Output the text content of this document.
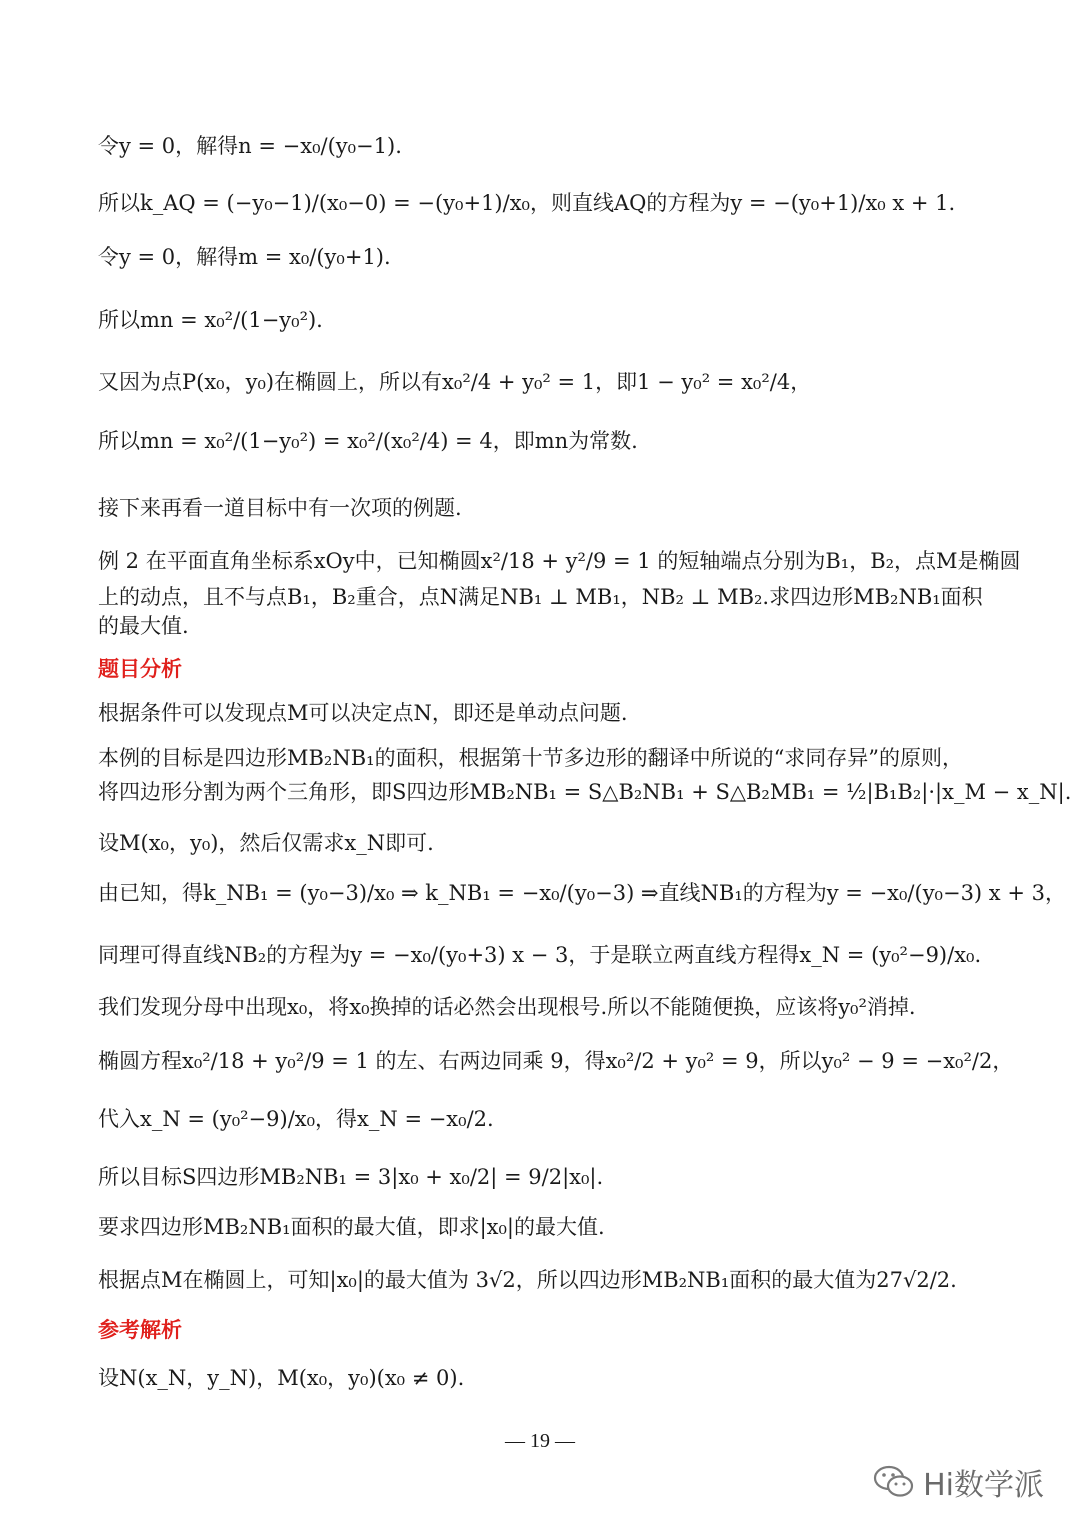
令y = 0，解得n = −x₀/(y₀−1).
所以k_AQ = (−y₀−1)/(x₀−0) = −(y₀+1)/x₀，则直线AQ的方程为y = −(y₀+1)/x₀ x + 1.
令y = 0，解得m = x₀/(y₀+1).
所以mn = x₀²/(1−y₀²).
又因为点P(x₀，y₀)在椭圆上，所以有x₀²/4 + y₀² = 1，即1 − y₀² = x₀²/4，
所以mn = x₀²/(1−y₀²) = x₀²/(x₀²/4) = 4，即mn为常数.
接下来再看一道目标中有一次项的例题.
例 2 在平面直角坐标系xOy中，已知椭圆x²/18 + y²/9 = 1 的短轴端点分别为B₁，B₂，点M是椭圆
上的动点，且不与点B₁，B₂重合，点N满足NB₁ ⊥ MB₁，NB₂ ⊥ MB₂.求四边形MB₂NB₁面积
的最大值.
题目分析
根据条件可以发现点M可以决定点N，即还是单动点问题.
本例的目标是四边形MB₂NB₁的面积，根据第十节多边形的翻译中所说的“求同存异”的原则，
将四边形分割为两个三角形，即S四边形MB₂NB₁ = S△B₂NB₁ + S△B₂MB₁ = ½|B₁B₂|·|x_M − x_N|.
设M(x₀，y₀)，然后仅需求x_N即可.
由已知，得k_NB₁ = (y₀−3)/x₀ ⇒ k_NB₁ = −x₀/(y₀−3) ⇒直线NB₁的方程为y = −x₀/(y₀−3) x + 3，
同理可得直线NB₂的方程为y = −x₀/(y₀+3) x − 3，于是联立两直线方程得x_N = (y₀²−9)/x₀.
我们发现分母中出现x₀，将x₀换掉的话必然会出现根号.所以不能随便换，应该将y₀²消掉.
椭圆方程x₀²/18 + y₀²/9 = 1 的左、右两边同乘 9，得x₀²/2 + y₀² = 9，所以y₀² − 9 = −x₀²/2，
代入x_N = (y₀²−9)/x₀，得x_N = −x₀/2.
所以目标S四边形MB₂NB₁ = 3|x₀ + x₀/2| = 9/2|x₀|.
要求四边形MB₂NB₁面积的最大值，即求|x₀|的最大值.
根据点M在椭圆上，可知|x₀|的最大值为 3√2，所以四边形MB₂NB₁面积的最大值为27√2/2.
参考解析
设N(x_N，y_N)，M(x₀，y₀)(x₀ ≠ 0).
— 19 —
Hi数学派
